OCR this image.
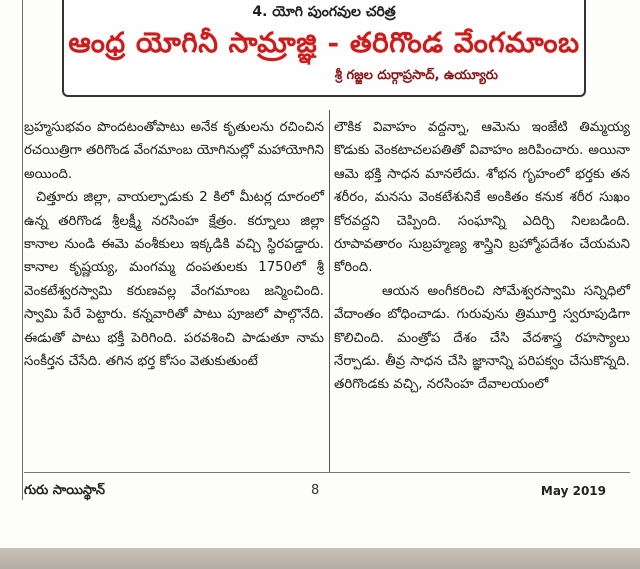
4. యోగి పుంగవుల చరిత్ర
ఆంధ్ర యోగినీ సామ్రాజ్ఞి - తరిగొండ వేంగమాంబ
శ్రీ గజ్జల దుర్గాప్రసాద్, ఉయ్యూరు

బ్రహ్మసుభవం పొందటంతోపాటు అనేక కృతులను రచించిన రచయిత్రిగా తరిగొండ వేంగమాంబ యోగినుల్లో మహాయోగిని అయింది.

చిత్తూరు జిల్లా, వాయల్పాడుకు 2 కిలో మీటర్ల దూరంలో ఉన్న తరిగొండ శ్రీలక్ష్మీ నరసింహ క్షేత్రం. కర్నూలు జిల్లా కానాల నుండి ఈమె వంశీకులు ఇక్కడికి వచ్చి స్థిరపడ్డారు. కానాల కృష్ణయ్య, మంగమ్మ దంపతులకు 1750లో శ్రీ వెంకటేశ్వరస్వామి కరుణవల్ల వేంగమాంబ జన్మించింది. స్వామి పేరే పెట్టారు. కన్నవారితో పాటు పూజలో పాల్గొనేది. ఈడుతో పాటు భక్తీ పెరిగింది. పరవశించి పాడుతూ నామ సంకీర్తన చేసేది. తగిన భర్త కోసం వెతుకుతుంటే

లౌకిక వివాహం వద్దన్నా, ఆమెను ఇంజేటి తిమ్మయ్య కొడుకు వెంకటాచలపతితో వివాహం జరిపించారు. అయినా ఆమె భక్తి సాధన మానలేదు. శోభన గృహంలో భర్తకు తన శరీరం, మనసు వెంకటేశునికే అంకితం కనుక శరీర సుఖం కోరవద్దని చెప్పింది. సంఘాన్ని ఎదిర్చి నిలబడింది. రూపావతారం సుబ్రహ్మణ్య శాస్త్రిని బ్రహ్మోపదేశం చేయమని కోరింది.

ఆయన అంగీకరించి సోమేశ్వరస్వామి సన్నిధిలో వేదాంతం బోధించాడు. గురువును త్రిమూర్తి స్వరూపుడిగా కొలిచింది. మంత్రోప దేశం చేసి వేదశాస్త్ర రహస్యాలు నేర్పాడు. తీవ్ర సాధన చేసి జ్ఞానాన్ని పరిపక్వం చేసుకొన్నది. తరిగొండకు వచ్చి, నరసింహ దేవాలయంలో

గురు సాయిస్థాన్	8	May 2019
